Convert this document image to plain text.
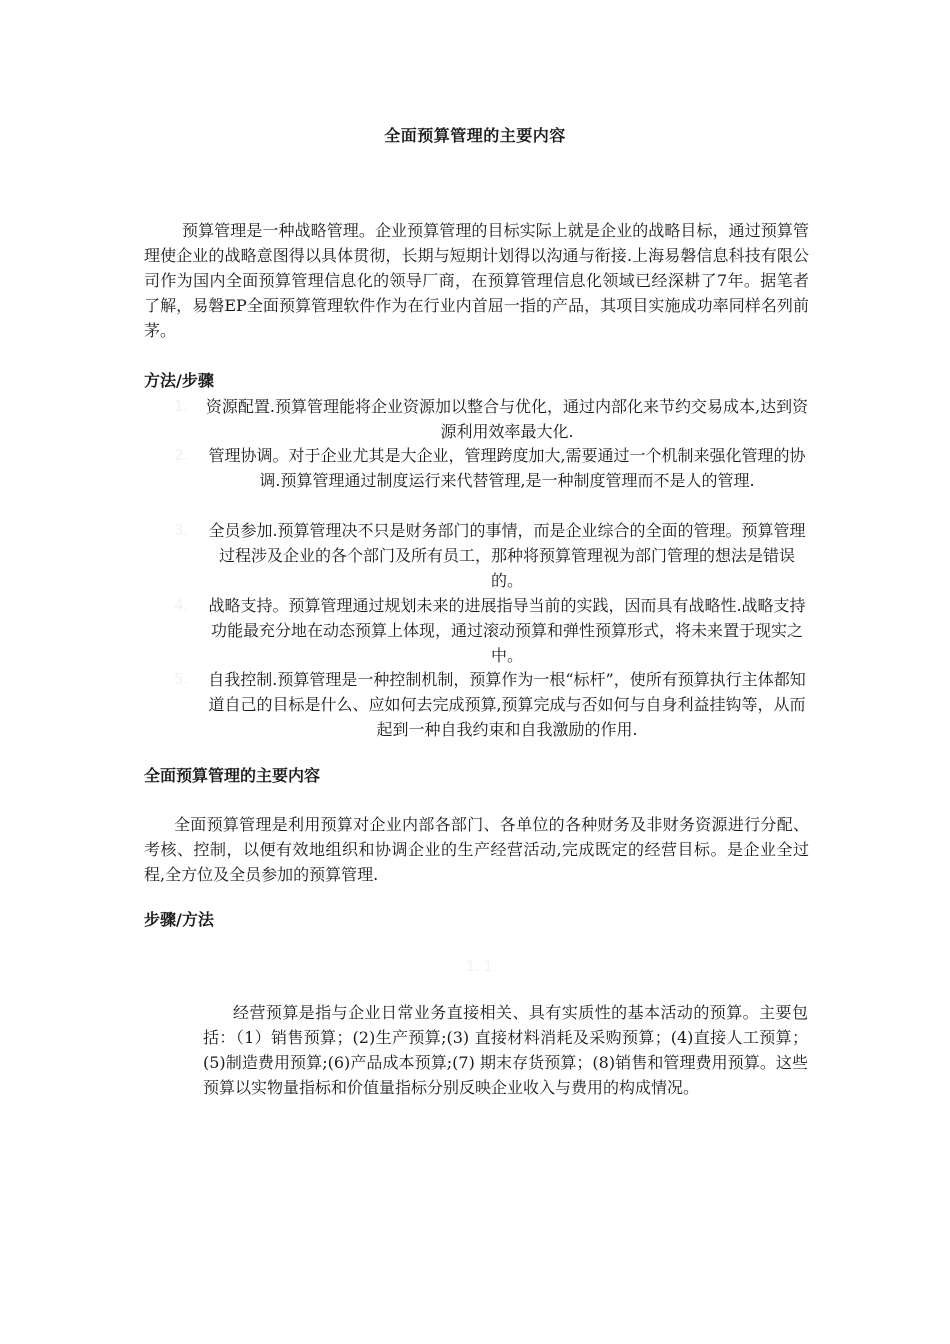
全面预算管理的主要内容
预算管理是一种战略管理。企业预算管理的目标实际上就是企业的战略目标，通过预算管理使企业的战略意图得以具体贯彻，长期与短期计划得以沟通与衔接.上海易磐信息科技有限公司作为国内全面预算管理信息化的领导厂商，在预算管理信息化领域已经深耕了7年。据笔者了解，易磐EP全面预算管理软件作为在行业内首屈一指的产品，其项目实施成功率同样名列前茅。
方法/步骤
1.	资源配置.预算管理能将企业资源加以整合与优化，通过内部化来节约交易成本,达到资源利用效率最大化.
2.	管理协调。对于企业尤其是大企业，管理跨度加大,需要通过一个机制来强化管理的协调.预算管理通过制度运行来代替管理,是一种制度管理而不是人的管理.
3.	全员参加.预算管理决不只是财务部门的事情，而是企业综合的全面的管理。预算管理过程涉及企业的各个部门及所有员工，那种将预算管理视为部门管理的想法是错误的。
4.	战略支持。预算管理通过规划未来的进展指导当前的实践，因而具有战略性.战略支持功能最充分地在动态预算上体现，通过滚动预算和弹性预算形式，将未来置于现实之中。
5.	自我控制.预算管理是一种控制机制，预算作为一根“标杆”，使所有预算执行主体都知道自己的目标是什么、应如何去完成预算,预算完成与否如何与自身利益挂钩等，从而起到一种自我约束和自我激励的作用.
全面预算管理的主要内容
全面预算管理是利用预算对企业内部各部门、各单位的各种财务及非财务资源进行分配、考核、控制，以便有效地组织和协调企业的生产经营活动,完成既定的经营目标。是企业全过程,全方位及全员参加的预算管理.
步骤/方法
1. 1
经营预算是指与企业日常业务直接相关、具有实质性的基本活动的预算。主要包括：（1）销售预算；(2)生产预算;(3) 直接材料消耗及采购预算；(4)直接人工预算；(5)制造费用预算;(6)产品成本预算;(7) 期末存货预算；(8)销售和管理费用预算。这些预算以实物量指标和价值量指标分别反映企业收入与费用的构成情况。
